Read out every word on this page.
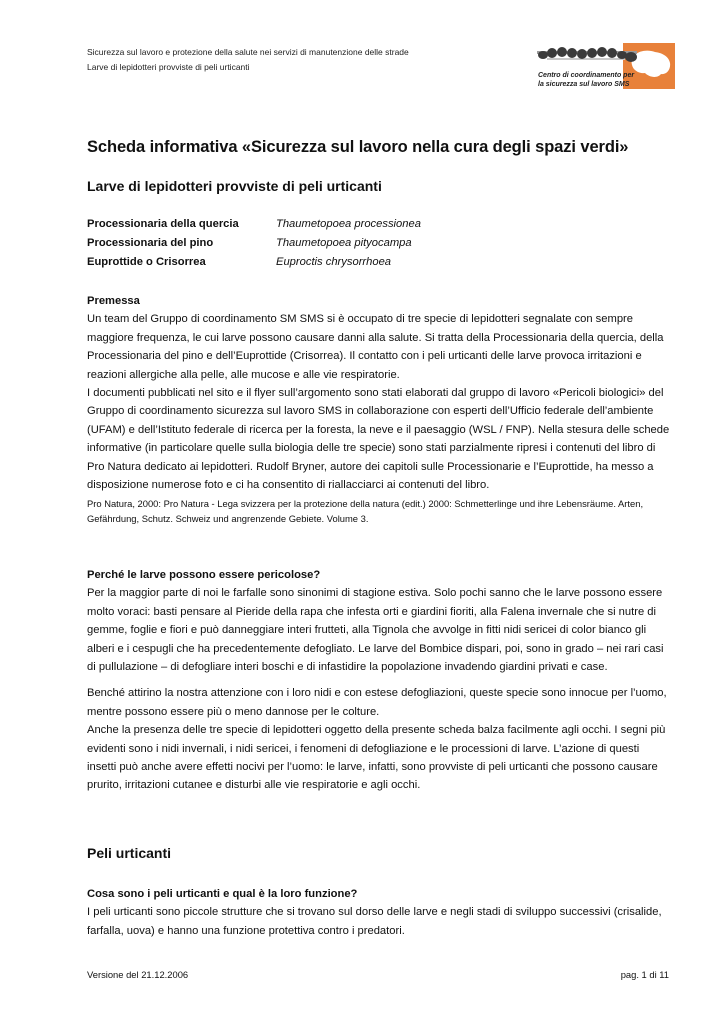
Sicurezza sul lavoro e protezione della salute nei servizi di manutenzione delle strade
Larve di lepidotteri provviste di peli urticanti
Centro di coordinamento per
la sicurezza sul lavoro SMS
Scheda informativa «Sicurezza sul lavoro nella cura degli spazi verdi»
Larve di lepidotteri provviste di peli urticanti
Processionaria della quercia	Thaumetopoea processionea
Processionaria del pino	Thaumetopoea pityocampa
Euprottide o Crisorrea	Euproctis chrysorrhoea

Premessa

Un team del Gruppo di coordinamento SM SMS si è occupato di tre specie di lepidotteri segnalate con sempre maggiore frequenza, le cui larve possono causare danni alla salute. Si tratta della Processionaria della quercia, della Processionaria del pino e dell’Euprottide (Crisorrea). Il contatto con i peli urticanti delle larve provoca irritazioni e reazioni allergiche alla pelle, alle mucose e alle vie respiratorie.

I documenti pubblicati nel sito e il flyer sull’argomento sono stati elaborati dal gruppo di lavoro «Pericoli biologici» del Gruppo di coordinamento sicurezza sul lavoro SMS in collaborazione con esperti dell’Ufficio federale dell’ambiente (UFAM) e dell’Istituto federale di ricerca per la foresta, la neve e il paesaggio (WSL / FNP). Nella stesura delle schede informative (in particolare quelle sulla biologia delle tre specie) sono stati parzialmente ripresi i contenuti del libro di Pro Natura dedicato ai lepidotteri. Rudolf Bryner, autore dei capitoli sulle Processionarie e l’Euprottide, ha messo a disposizione numerose foto e ci ha consentito di riallacciarci ai contenuti del libro.

Pro Natura, 2000: Pro Natura - Lega svizzera per la protezione della natura (edit.) 2000: Schmetterlinge und ihre Lebensräume. Arten, Gefährdung, Schutz. Schweiz und angrenzende Gebiete. Volume 3.

Perché le larve possono essere pericolose?

Per la maggior parte di noi le farfalle sono sinonimi di stagione estiva. Solo pochi sanno che le larve possono essere molto voraci: basti pensare al Pieride della rapa che infesta orti e giardini fioriti, alla Falena invernale che si nutre di gemme, foglie e fiori e può danneggiare interi frutteti, alla Tignola che avvolge in fitti nidi sericei di color bianco gli alberi e i cespugli che ha precedentemente defogliato. Le larve del Bombice dispari, poi, sono in grado – nei rari casi di pullulazione – di defogliare interi boschi e di infastidire la popolazione invadendo giardini privati e case.

Benché attirino la nostra attenzione con i loro nidi e con estese defogliazioni, queste specie sono innocue per l’uomo, mentre possono essere più o meno dannose per le colture.

Anche la presenza delle tre specie di lepidotteri oggetto della presente scheda balza facilmente agli occhi. I segni più evidenti sono i nidi invernali, i nidi sericei, i fenomeni di defogliazione e le processioni di larve. L’azione di questi insetti può anche avere effetti nocivi per l’uomo: le larve, infatti, sono provviste di peli urticanti che possono causare prurito, irritazioni cutanee e disturbi alle vie respiratorie e agli occhi.

Peli urticanti

Cosa sono i peli urticanti e qual è la loro funzione?

I peli urticanti sono piccole strutture che si trovano sul dorso delle larve e negli stadi di sviluppo successivi (crisalide, farfalla, uova) e hanno una funzione protettiva contro i predatori.

Versione del 21.12.2006	pag. 1 di 11
